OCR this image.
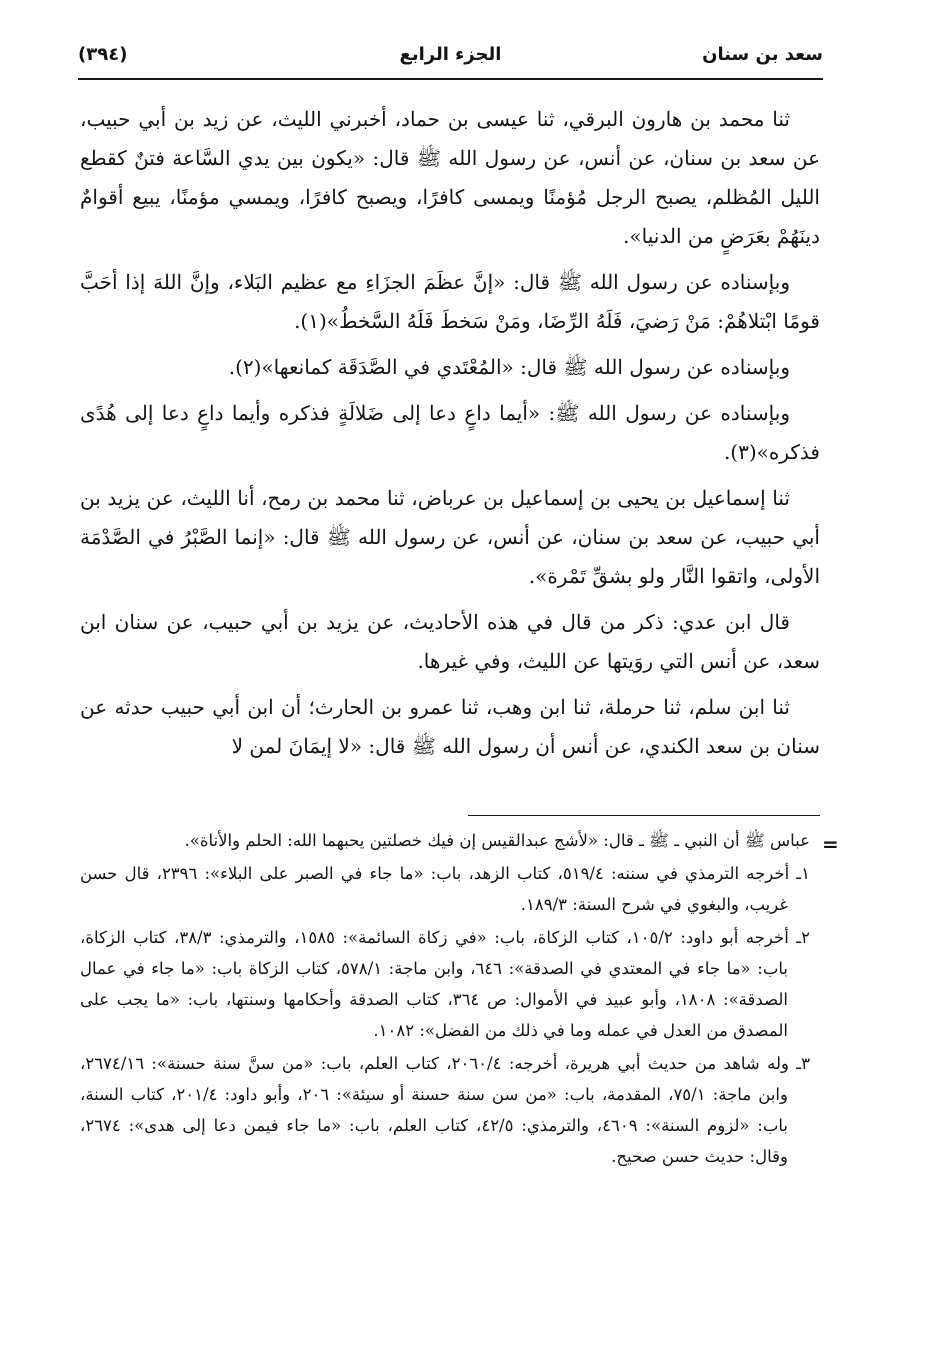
سعد بن سنان
الجزء الرابع
(٣٩٤)

ثنا محمد بن هارون البرقي، ثنا عيسى بن حماد، أخبرني الليث، عن زيد بن أبي حبيب، عن سعد بن سنان، عن أنس، عن رسول الله ﷺ قال: «يكون بين يدي السَّاعة فتنٌ كقطع الليل المُظلم، يصبح الرجل مُؤمنًا ويمسى كافرًا، ويصبح كافرًا، ويمسي مؤمنًا، يبيع أقوامٌ دينَهُمْ بعَرَضٍ من الدنيا».

وبإسناده عن رسول الله ﷺ قال: «إنَّ عظَمَ الجزَاءِ مع عظيم البَلاء، وإنَّ اللهَ إذا أحَبَّ قومًا ابْتلاهُمْ: مَنْ رَضيَ، فَلَهُ الرِّضَا، ومَنْ سَخطَ فَلَهُ السَّخطُ»(١).

وبإسناده عن رسول الله ﷺ قال: «المُعْتَدي في الصَّدَقَة كمانعها»(٢).

وبإسناده عن رسول الله ﷺ: «أيما داعٍ دعا إلى ضَلالَةٍ فذكره وأيما داعٍ دعا إلى هُدًى فذكره»(٣).

ثنا إسماعيل بن يحيى بن إسماعيل بن عرباض، ثنا محمد بن رمح، أنا الليث، عن يزيد بن أبي حبيب، عن سعد بن سنان، عن أنس، عن رسول الله ﷺ قال: «إنما الصَّبْرُ في الصَّدْمَة الأولى، واتقوا النَّار ولو بشقِّ تَمْرة».

قال ابن عدي: ذكر من قال في هذه الأحاديث، عن يزيد بن أبي حبيب، عن سنان ابن سعد، عن أنس التي روَيتها عن الليث، وفي غيرها.

ثنا ابن سلم، ثنا حرملة، ثنا ابن وهب، ثنا عمرو بن الحارث؛ أن ابن أبي حبيب حدثه عن سنان بن سعد الكندي، عن أنس أن رسول الله ﷺ قال: «لا إيمَانَ لمن لا

=

عباس ﷺ أن النبي ـ ﷺ ـ قال: «لأشج عبدالقيس إن فيك خصلتين يحبهما الله: الحلم والأناة».

١ـ أخرجه الترمذي في سننه: ٥١٩/٤، كتاب الزهد، باب: «ما جاء في الصبر على البلاء»: ٢٣٩٦، قال حسن غريب، والبغوي في شرح السنة: ١٨٩/٣.

٢ـ أخرجه أبو داود: ١٠٥/٢، كتاب الزكاة، باب: «في زكاة السائمة»: ١٥٨٥، والترمذي: ٣٨/٣، كتاب الزكاة، باب: «ما جاء في المعتدي في الصدقة»: ٦٤٦، وابن ماجة: ٥٧٨/١، كتاب الزكاة باب: «ما جاء في عمال الصدقة»: ١٨٠٨، وأبو عبيد في الأموال: ص ٣٦٤، كتاب الصدقة وأحكامها وسنتها، باب: «ما يجب على المصدق من العدل في عمله وما في ذلك من الفضل»: ١٠٨٢.

٣ـ وله شاهد من حديث أبي هريرة، أخرجه: ٢٠٦٠/٤، كتاب العلم، باب: «من سنَّ سنة حسنة»: ٢٦٧٤/١٦، وابن ماجة: ٧٥/١، المقدمة، باب: «من سن سنة حسنة أو سيئة»: ٢٠٦، وأبو داود: ٢٠١/٤، كتاب السنة، باب: «لزوم السنة»: ٤٦٠٩، والترمذي: ٤٢/٥، كتاب العلم، باب: «ما جاء فيمن دعا إلى هدى»: ٢٦٧٤، وقال: حديث حسن صحيح.
